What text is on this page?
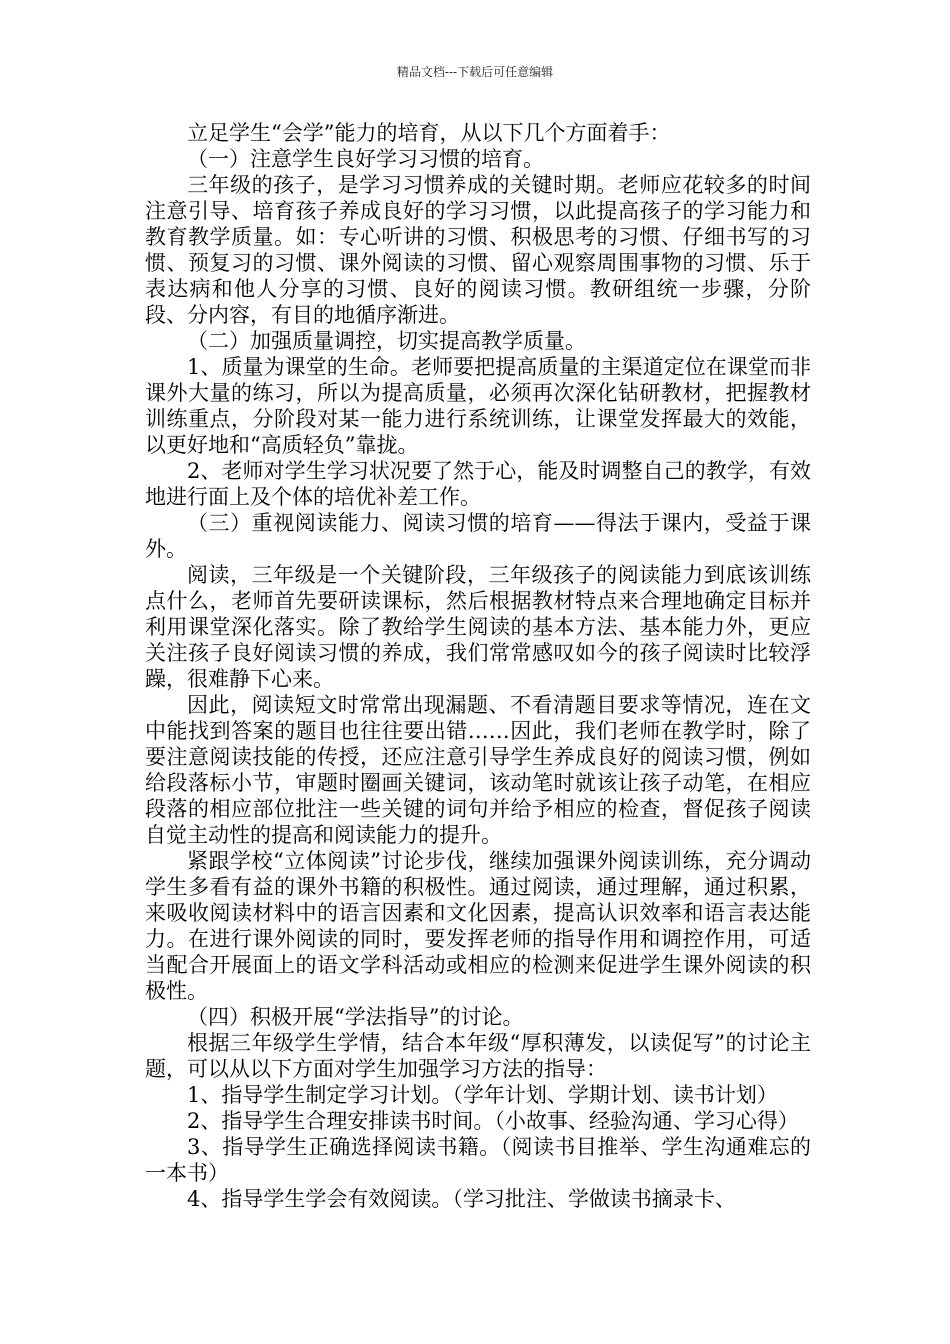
精品文档---下载后可任意编辑

立足学生“会学”能力的培育，从以下几个方面着手：

（一）注意学生良好学习习惯的培育。

三年级的孩子，是学习习惯养成的关键时期。老师应花较多的时间注意引导、培育孩子养成良好的学习习惯，以此提高孩子的学习能力和教育教学质量。如：专心听讲的习惯、积极思考的习惯、仔细书写的习惯、预复习的习惯、课外阅读的习惯、留心观察周围事物的习惯、乐于表达病和他人分享的习惯、良好的阅读习惯。教研组统一步骤，分阶段、分内容，有目的地循序渐进。

（二）加强质量调控，切实提高教学质量。

1、质量为课堂的生命。老师要把提高质量的主渠道定位在课堂而非课外大量的练习，所以为提高质量，必须再次深化钻研教材，把握教材训练重点，分阶段对某一能力进行系统训练，让课堂发挥最大的效能，以更好地和“高质轻负”靠拢。

2、老师对学生学习状况要了然于心，能及时调整自己的教学，有效地进行面上及个体的培优补差工作。

（三）重视阅读能力、阅读习惯的培育——得法于课内，受益于课外。

阅读，三年级是一个关键阶段，三年级孩子的阅读能力到底该训练点什么，老师首先要研读课标，然后根据教材特点来合理地确定目标并利用课堂深化落实。除了教给学生阅读的基本方法、基本能力外，更应关注孩子良好阅读习惯的养成，我们常常感叹如今的孩子阅读时比较浮躁，很难静下心来。

因此，阅读短文时常常出现漏题、不看清题目要求等情况，连在文中能找到答案的题目也往往要出错……因此，我们老师在教学时，除了要注意阅读技能的传授，还应注意引导学生养成良好的阅读习惯，例如给段落标小节，审题时圈画关键词，该动笔时就该让孩子动笔，在相应段落的相应部位批注一些关键的词句并给予相应的检查，督促孩子阅读自觉主动性的提高和阅读能力的提升。

紧跟学校“立体阅读”讨论步伐，继续加强课外阅读训练，充分调动学生多看有益的课外书籍的积极性。通过阅读，通过理解，通过积累，来吸收阅读材料中的语言因素和文化因素，提高认识效率和语言表达能力。在进行课外阅读的同时，要发挥老师的指导作用和调控作用，可适当配合开展面上的语文学科活动或相应的检测来促进学生课外阅读的积极性。

（四）积极开展“学法指导”的讨论。

根据三年级学生学情，结合本年级“厚积薄发，以读促写”的讨论主题，可以从以下方面对学生加强学习方法的指导：

1、指导学生制定学习计划。（学年计划、学期计划、读书计划）

2、指导学生合理安排读书时间。（小故事、经验沟通、学习心得）

3、指导学生正确选择阅读书籍。（阅读书目推举、学生沟通难忘的一本书）

4、指导学生学会有效阅读。（学习批注、学做读书摘录卡、
